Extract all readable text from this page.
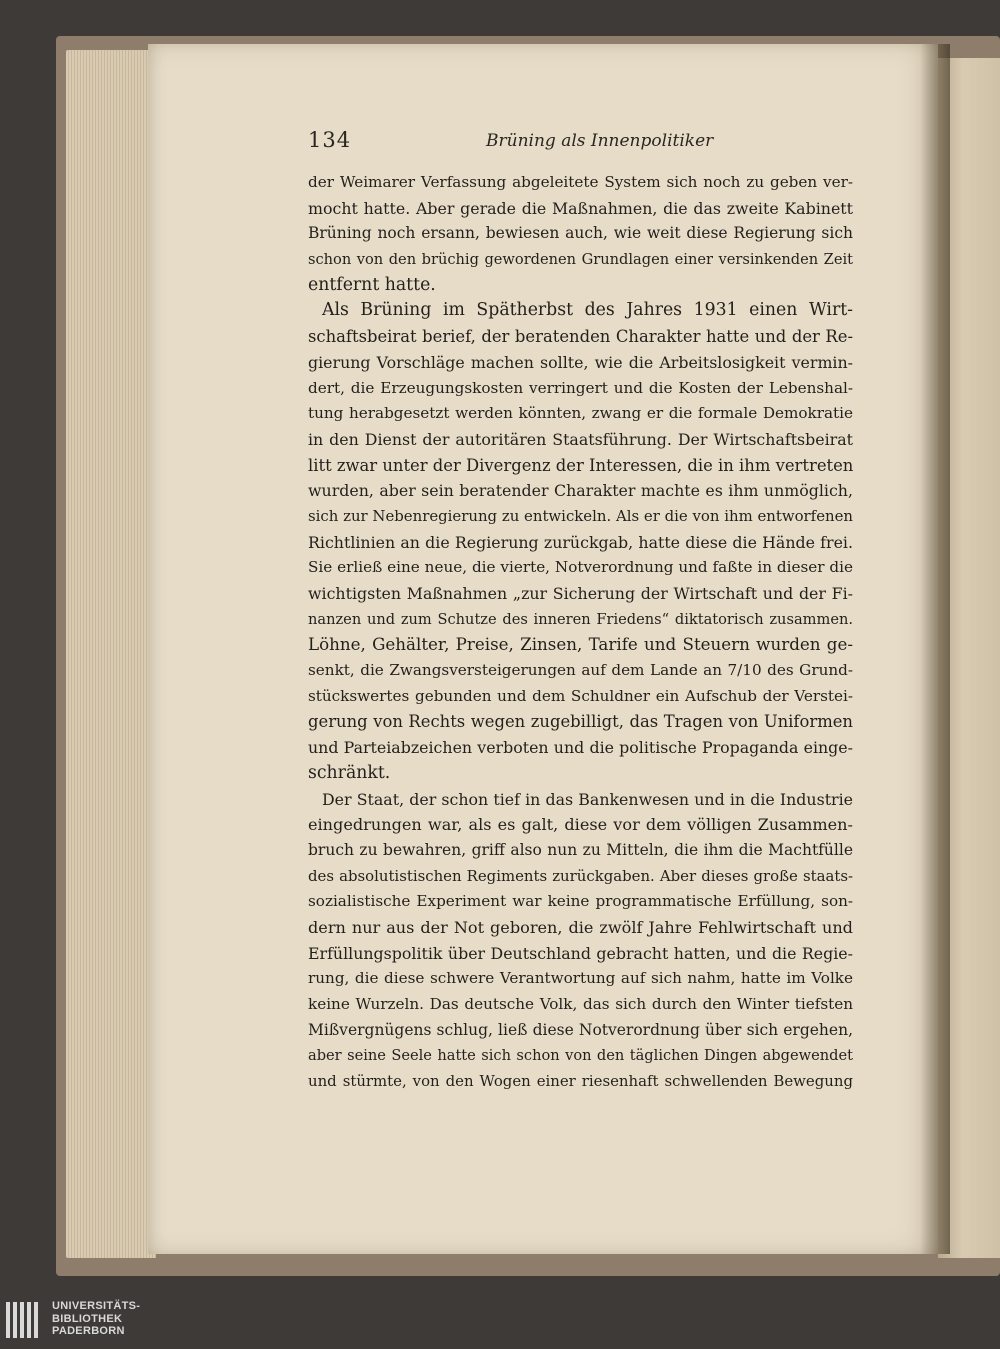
134	Brüning als Innenpolitiker
der Weimarer Verfassung abgeleitete System sich noch zu geben ver-
mocht hatte. Aber gerade die Maßnahmen, die das zweite Kabinett
Brüning noch ersann, bewiesen auch, wie weit diese Regierung sich
schon von den brüchig gewordenen Grundlagen einer versinkenden Zeit
entfernt hatte.
Als Brüning im Spätherbst des Jahres 1931 einen Wirt-
schaftsbeirat berief, der beratenden Charakter hatte und der Re-
gierung Vorschläge machen sollte, wie die Arbeitslosigkeit vermin-
dert, die Erzeugungskosten verringert und die Kosten der Lebenshal-
tung herabgesetzt werden könnten, zwang er die formale Demokratie
in den Dienst der autoritären Staatsführung. Der Wirtschaftsbeirat
litt zwar unter der Divergenz der Interessen, die in ihm vertreten
wurden, aber sein beratender Charakter machte es ihm unmöglich,
sich zur Nebenregierung zu entwickeln. Als er die von ihm entworfenen
Richtlinien an die Regierung zurückgab, hatte diese die Hände frei.
Sie erließ eine neue, die vierte, Notverordnung und faßte in dieser die
wichtigsten Maßnahmen „zur Sicherung der Wirtschaft und der Fi-
nanzen und zum Schutze des inneren Friedens“ diktatorisch zusammen.
Löhne, Gehälter, Preise, Zinsen, Tarife und Steuern wurden ge-
senkt, die Zwangsversteigerungen auf dem Lande an 7/10 des Grund-
stückswertes gebunden und dem Schuldner ein Aufschub der Verstei-
gerung von Rechts wegen zugebilligt, das Tragen von Uniformen
und Parteiabzeichen verboten und die politische Propaganda einge-
schränkt.
Der Staat, der schon tief in das Bankenwesen und in die Industrie
eingedrungen war, als es galt, diese vor dem völligen Zusammen-
bruch zu bewahren, griff also nun zu Mitteln, die ihm die Machtfülle
des absolutistischen Regiments zurückgaben. Aber dieses große staats-
sozialistische Experiment war keine programmatische Erfüllung, son-
dern nur aus der Not geboren, die zwölf Jahre Fehlwirtschaft und
Erfüllungspolitik über Deutschland gebracht hatten, und die Regie-
rung, die diese schwere Verantwortung auf sich nahm, hatte im Volke
keine Wurzeln. Das deutsche Volk, das sich durch den Winter tiefsten
Mißvergnügens schlug, ließ diese Notverordnung über sich ergehen,
aber seine Seele hatte sich schon von den täglichen Dingen abgewendet
und stürmte, von den Wogen einer riesenhaft schwellenden Bewegung
UNIVERSITÄTS-
BIBLIOTHEK
PADERBORN
